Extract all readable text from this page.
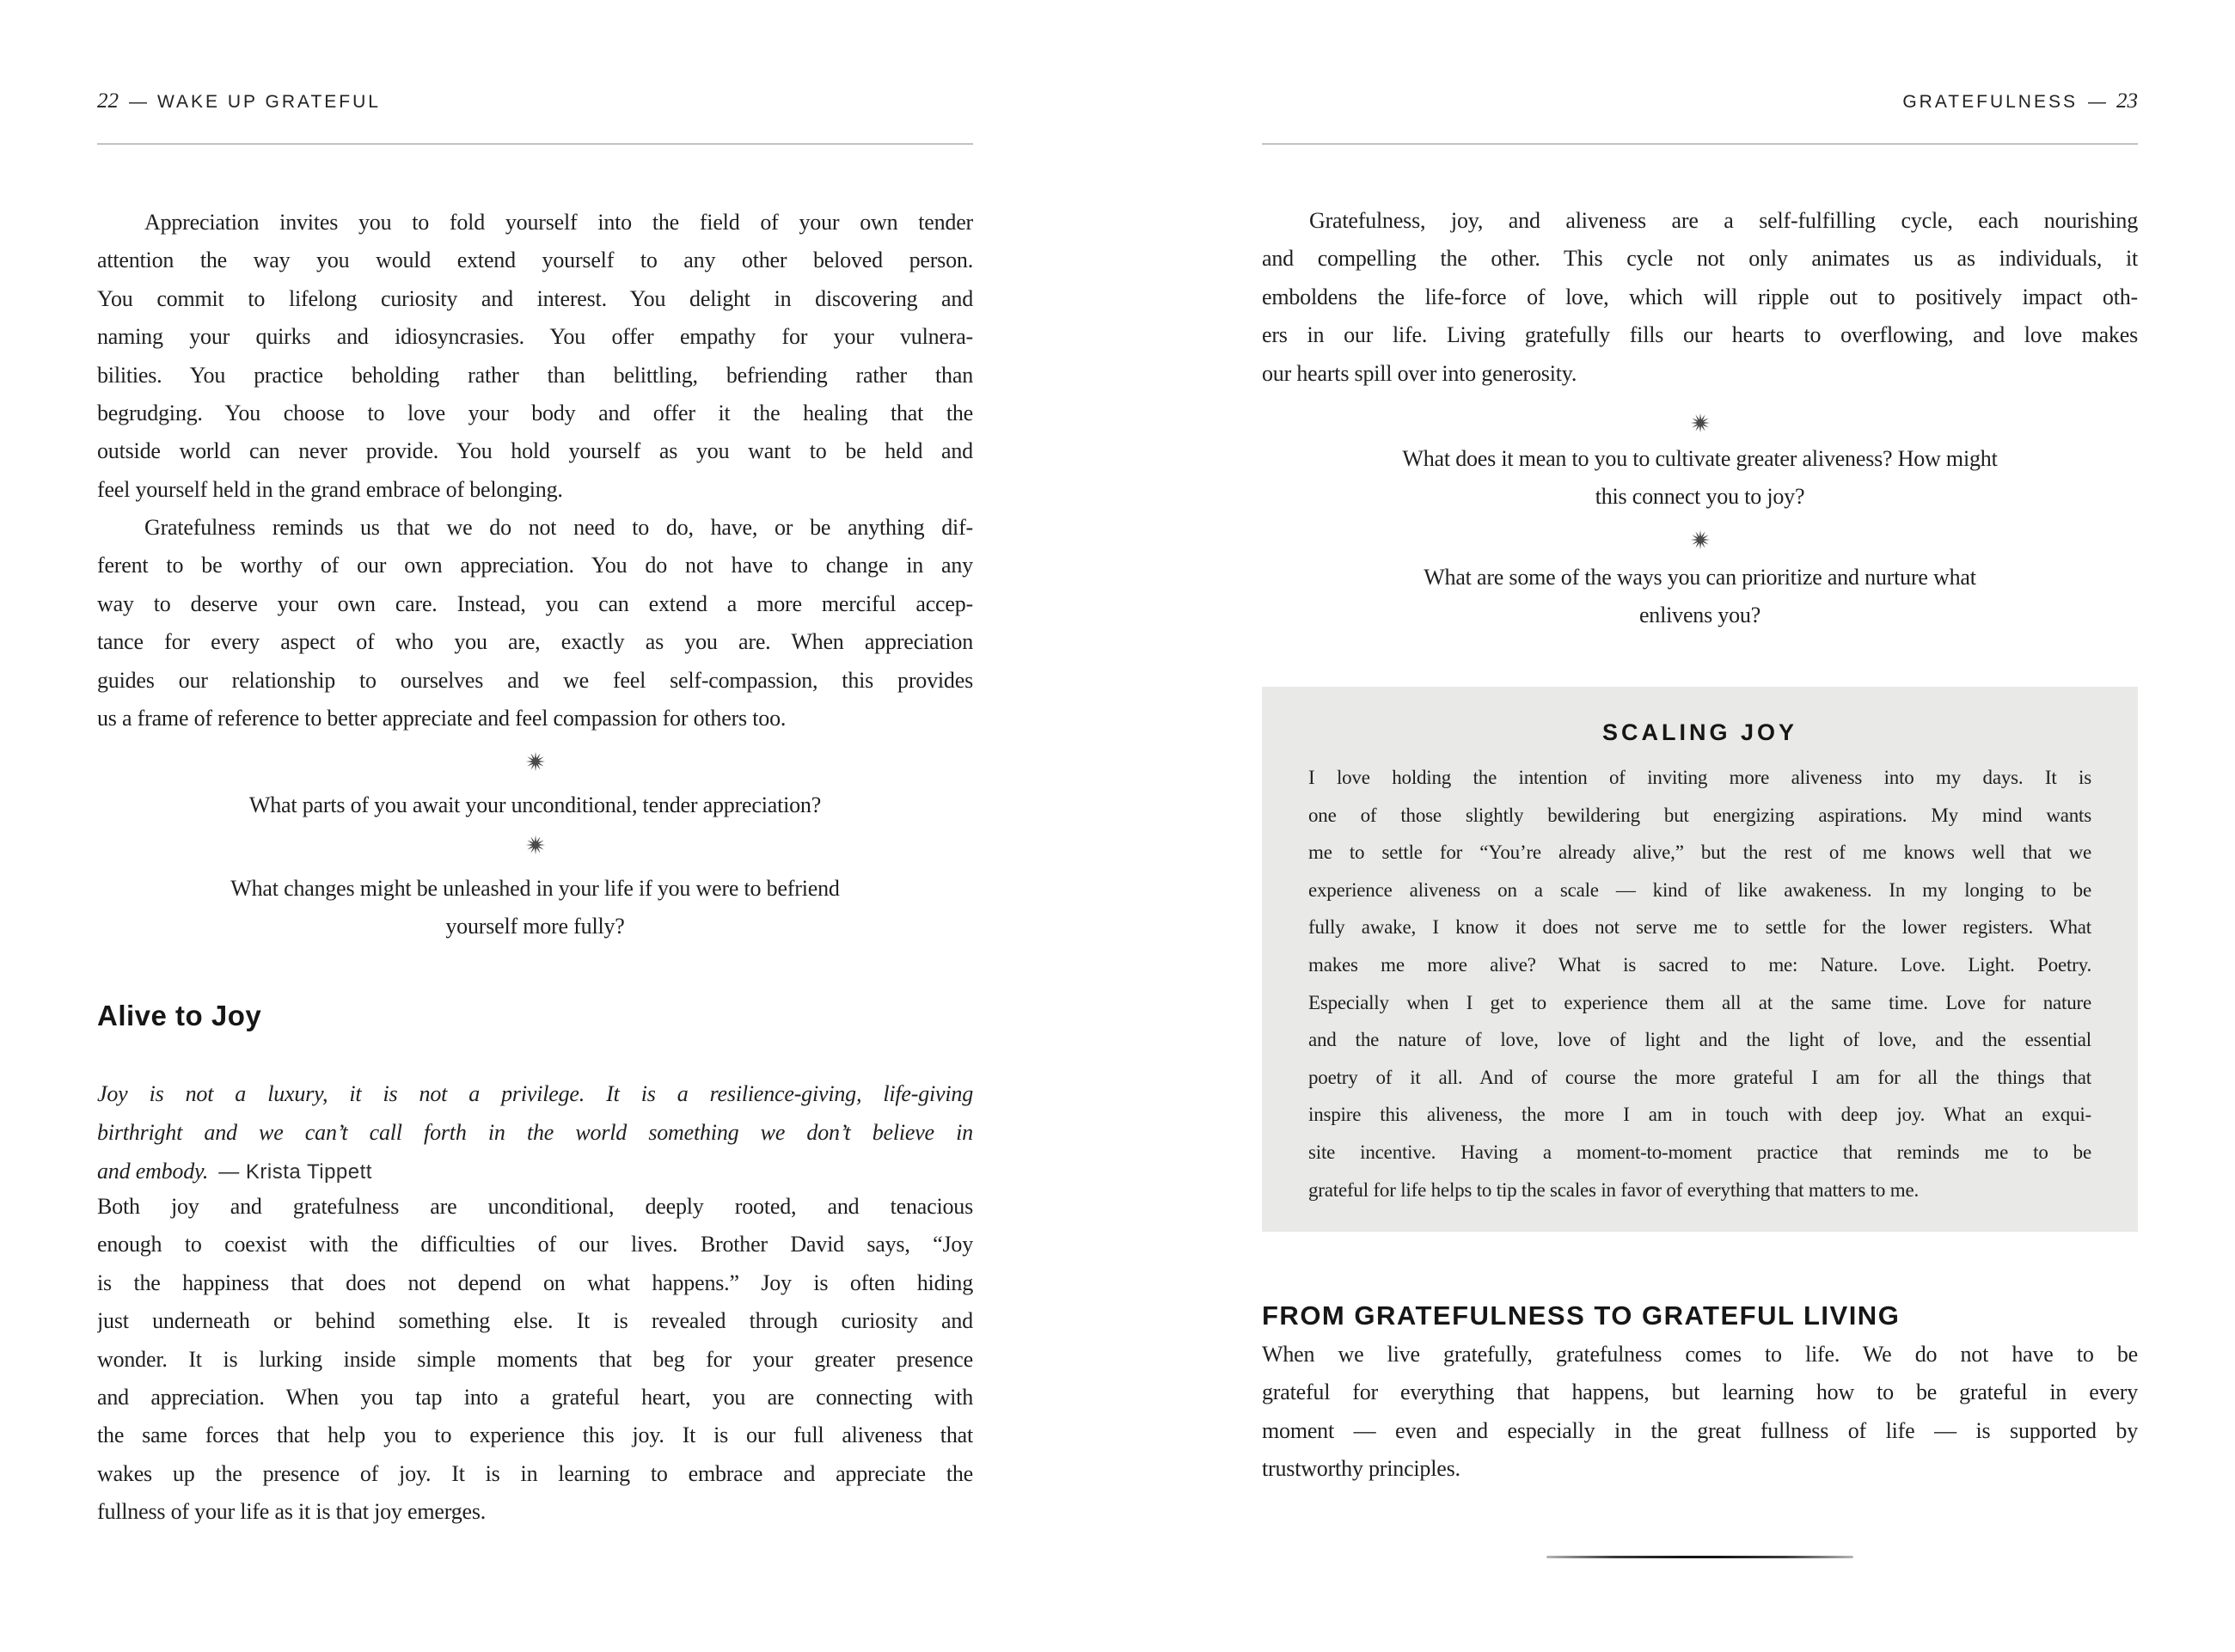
22 — WAKE UP GRATEFUL
Appreciation invites you to fold yourself into the field of your own tender
attention the way you would extend yourself to any other beloved person.
You commit to lifelong curiosity and interest. You delight in discovering and
naming your quirks and idiosyncrasies. You offer empathy for your vulnera-
bilities. You practice beholding rather than belittling, befriending rather than
begrudging. You choose to love your body and offer it the healing that the
outside world can never provide. You hold yourself as you want to be held and
feel yourself held in the grand embrace of belonging.
Gratefulness reminds us that we do not need to do, have, or be anything dif-
ferent to be worthy of our own appreciation. You do not have to change in any
way to deserve your own care. Instead, you can extend a more merciful accep-
tance for every aspect of who you are, exactly as you are. When appreciation
guides our relationship to ourselves and we feel self-compassion, this provides
us a frame of reference to better appreciate and feel compassion for others too.
What parts of you await your unconditional, tender appreciation?
What changes might be unleashed in your life if you were to befriend
yourself more fully?
Alive to Joy
Joy is not a luxury, it is not a privilege. It is a resilience-giving, life-giving
birthright and we can’t call forth in the world something we don’t believe in
and embody. — Krista Tippett
Both joy and gratefulness are unconditional, deeply rooted, and tenacious
enough to coexist with the difficulties of our lives. Brother David says, “Joy
is the happiness that does not depend on what happens.” Joy is often hiding
just underneath or behind something else. It is revealed through curiosity and
wonder. It is lurking inside simple moments that beg for your greater presence
and appreciation. When you tap into a grateful heart, you are connecting with
the same forces that help you to experience this joy. It is our full aliveness that
wakes up the presence of joy. It is in learning to embrace and appreciate the
fullness of your life as it is that joy emerges.
GRATEFULNESS — 23
Gratefulness, joy, and aliveness are a self-fulfilling cycle, each nourishing
and compelling the other. This cycle not only animates us as individuals, it
emboldens the life-force of love, which will ripple out to positively impact oth-
ers in our life. Living gratefully fills our hearts to overflowing, and love makes
our hearts spill over into generosity.
What does it mean to you to cultivate greater aliveness? How might
this connect you to joy?
What are some of the ways you can prioritize and nurture what
enlivens you?
SCALING JOY
I love holding the intention of inviting more aliveness into my days. It is
one of those slightly bewildering but energizing aspirations. My mind wants
me to settle for “You’re already alive,” but the rest of me knows well that we
experience aliveness on a scale — kind of like awakeness. In my longing to be
fully awake, I know it does not serve me to settle for the lower registers. What
makes me more alive? What is sacred to me: Nature. Love. Light. Poetry.
Especially when I get to experience them all at the same time. Love for nature
and the nature of love, love of light and the light of love, and the essential
poetry of it all. And of course the more grateful I am for all the things that
inspire this aliveness, the more I am in touch with deep joy. What an exqui-
site incentive. Having a moment-to-moment practice that reminds me to be
grateful for life helps to tip the scales in favor of everything that matters to me.
FROM GRATEFULNESS TO GRATEFUL LIVING
When we live gratefully, gratefulness comes to life. We do not have to be
grateful for everything that happens, but learning how to be grateful in every
moment — even and especially in the great fullness of life — is supported by
trustworthy principles.
